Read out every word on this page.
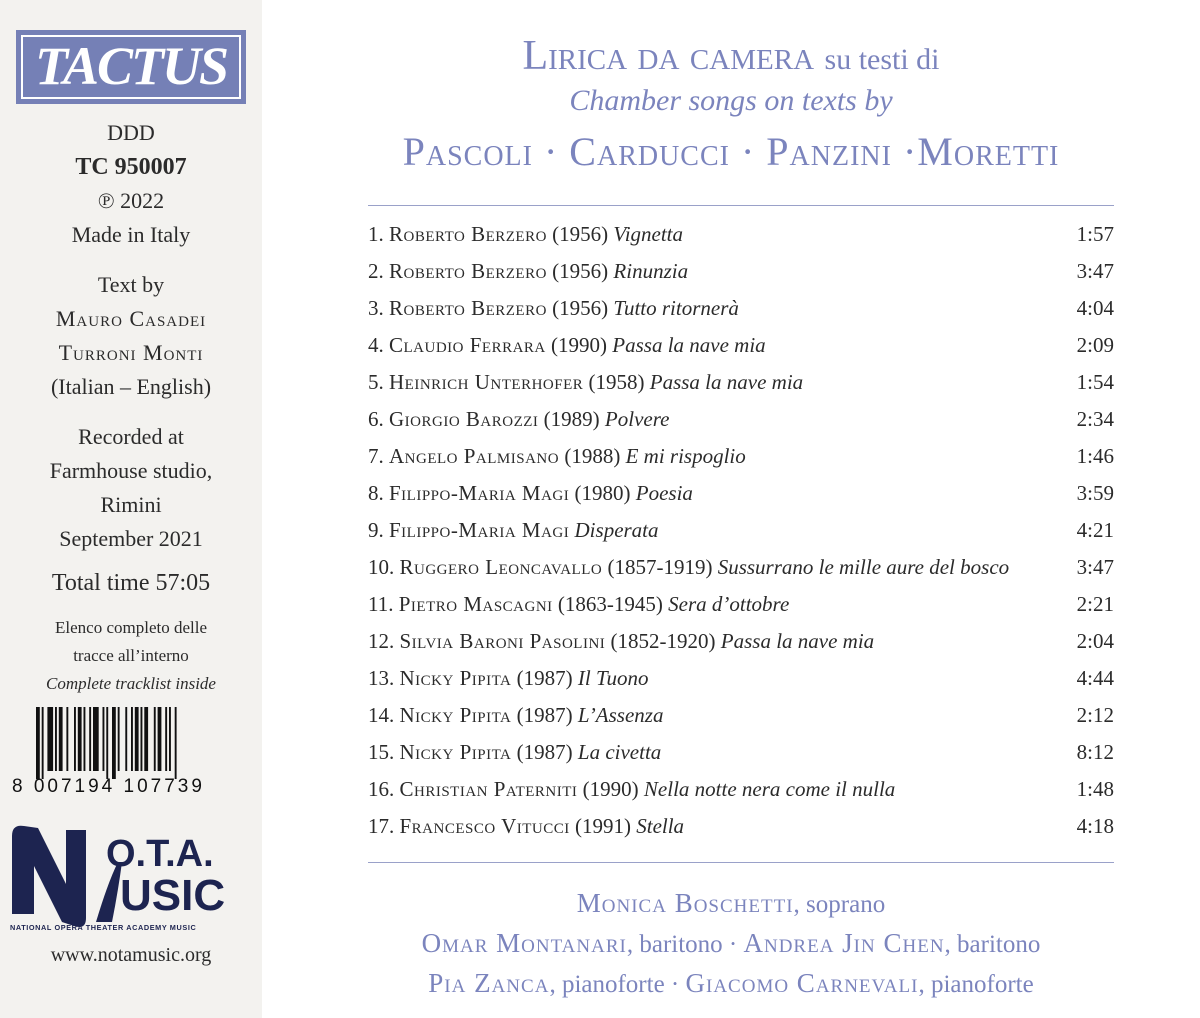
TACTUS
DDD
TC 950007
℗ 2022
Made in Italy
Text by
Mauro Casadei
Turroni Monti
(Italian – English)
Recorded at
Farmhouse studio,
Rimini
September 2021
Total time 57:05
Elenco completo delle
tracce all’interno
Complete tracklist inside
8 007194 107739
O.T.A.
USIC
NATIONAL OPERA THEATER ACADEMY MUSIC
www.notamusic.org
Lirica da camera su testi di
Chamber songs on texts by
Pascoli · Carducci · Panzini ·Moretti
1. Roberto Berzero (1956) Vignetta	1:57
2. Roberto Berzero (1956) Rinunzia	3:47
3. Roberto Berzero (1956) Tutto ritornerà	4:04
4. Claudio Ferrara (1990) Passa la nave mia	2:09
5. Heinrich Unterhofer (1958) Passa la nave mia	1:54
6. Giorgio Barozzi (1989) Polvere	2:34
7. Angelo Palmisano (1988) E mi rispoglio	1:46
8. Filippo-Maria Magi (1980) Poesia	3:59
9. Filippo-Maria Magi Disperata	4:21
10. Ruggero Leoncavallo (1857-1919) Sussurrano le mille aure del bosco	3:47
11. Pietro Mascagni (1863-1945) Sera d’ottobre	2:21
12. Silvia Baroni Pasolini (1852-1920) Passa la nave mia	2:04
13. Nicky Pipita (1987) Il Tuono	4:44
14. Nicky Pipita (1987) L’Assenza	2:12
15. Nicky Pipita (1987) La civetta	8:12
16. Christian Paterniti (1990) Nella notte nera come il nulla	1:48
17. Francesco Vitucci (1991) Stella	4:18
Monica Boschetti, soprano
Omar Montanari, baritono · Andrea Jin Chen, baritono
Pia Zanca, pianoforte · Giacomo Carnevali, pianoforte
